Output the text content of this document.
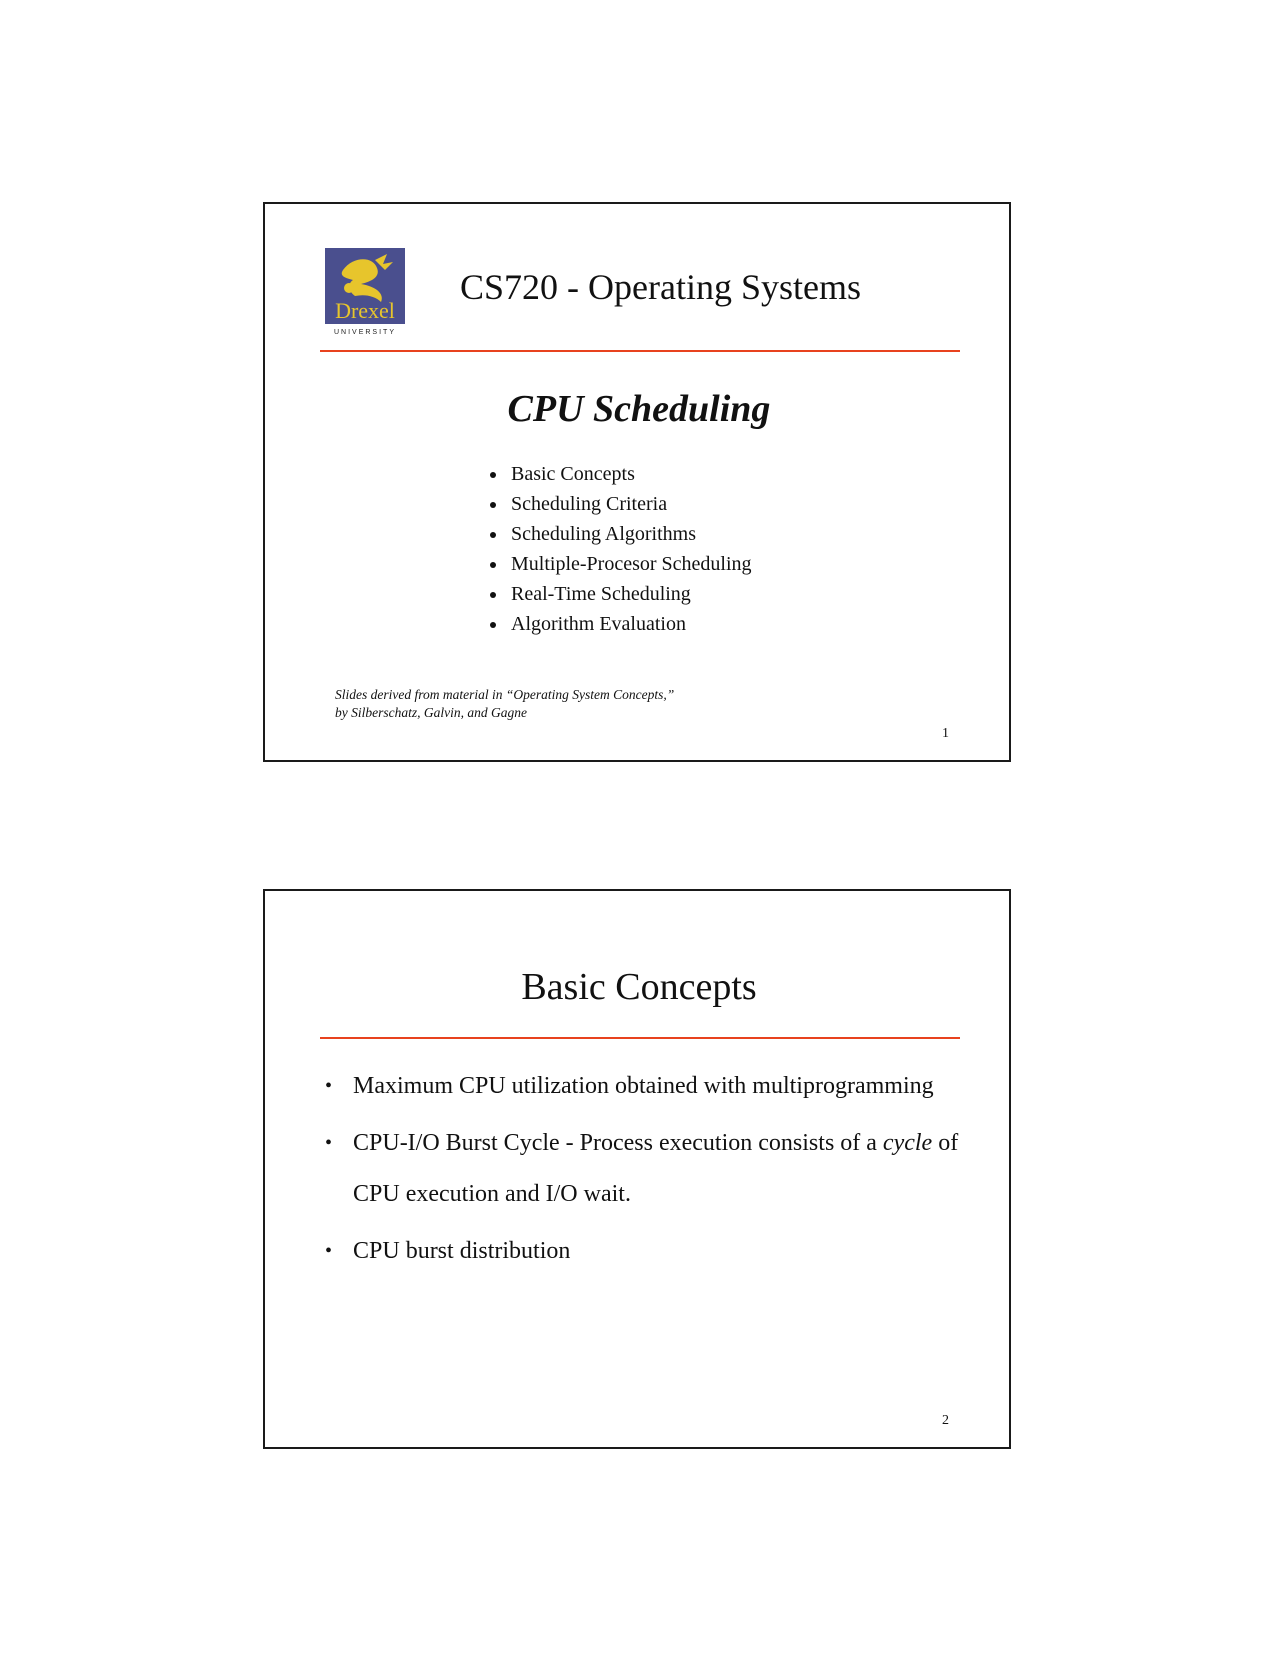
Drexel
UNIVERSITY
CS720 - Operating Systems
CPU Scheduling
Basic Concepts
Scheduling Criteria
Scheduling Algorithms
Multiple-Procesor Scheduling
Real-Time Scheduling
Algorithm Evaluation
Slides derived from material in “Operating System Concepts,”
by Silberschatz, Galvin, and Gagne
1
Basic Concepts
• Maximum CPU utilization obtained with multiprogramming
• CPU-I/O Burst Cycle - Process execution consists of a cycle of CPU execution and I/O wait.
• CPU burst distribution
2
